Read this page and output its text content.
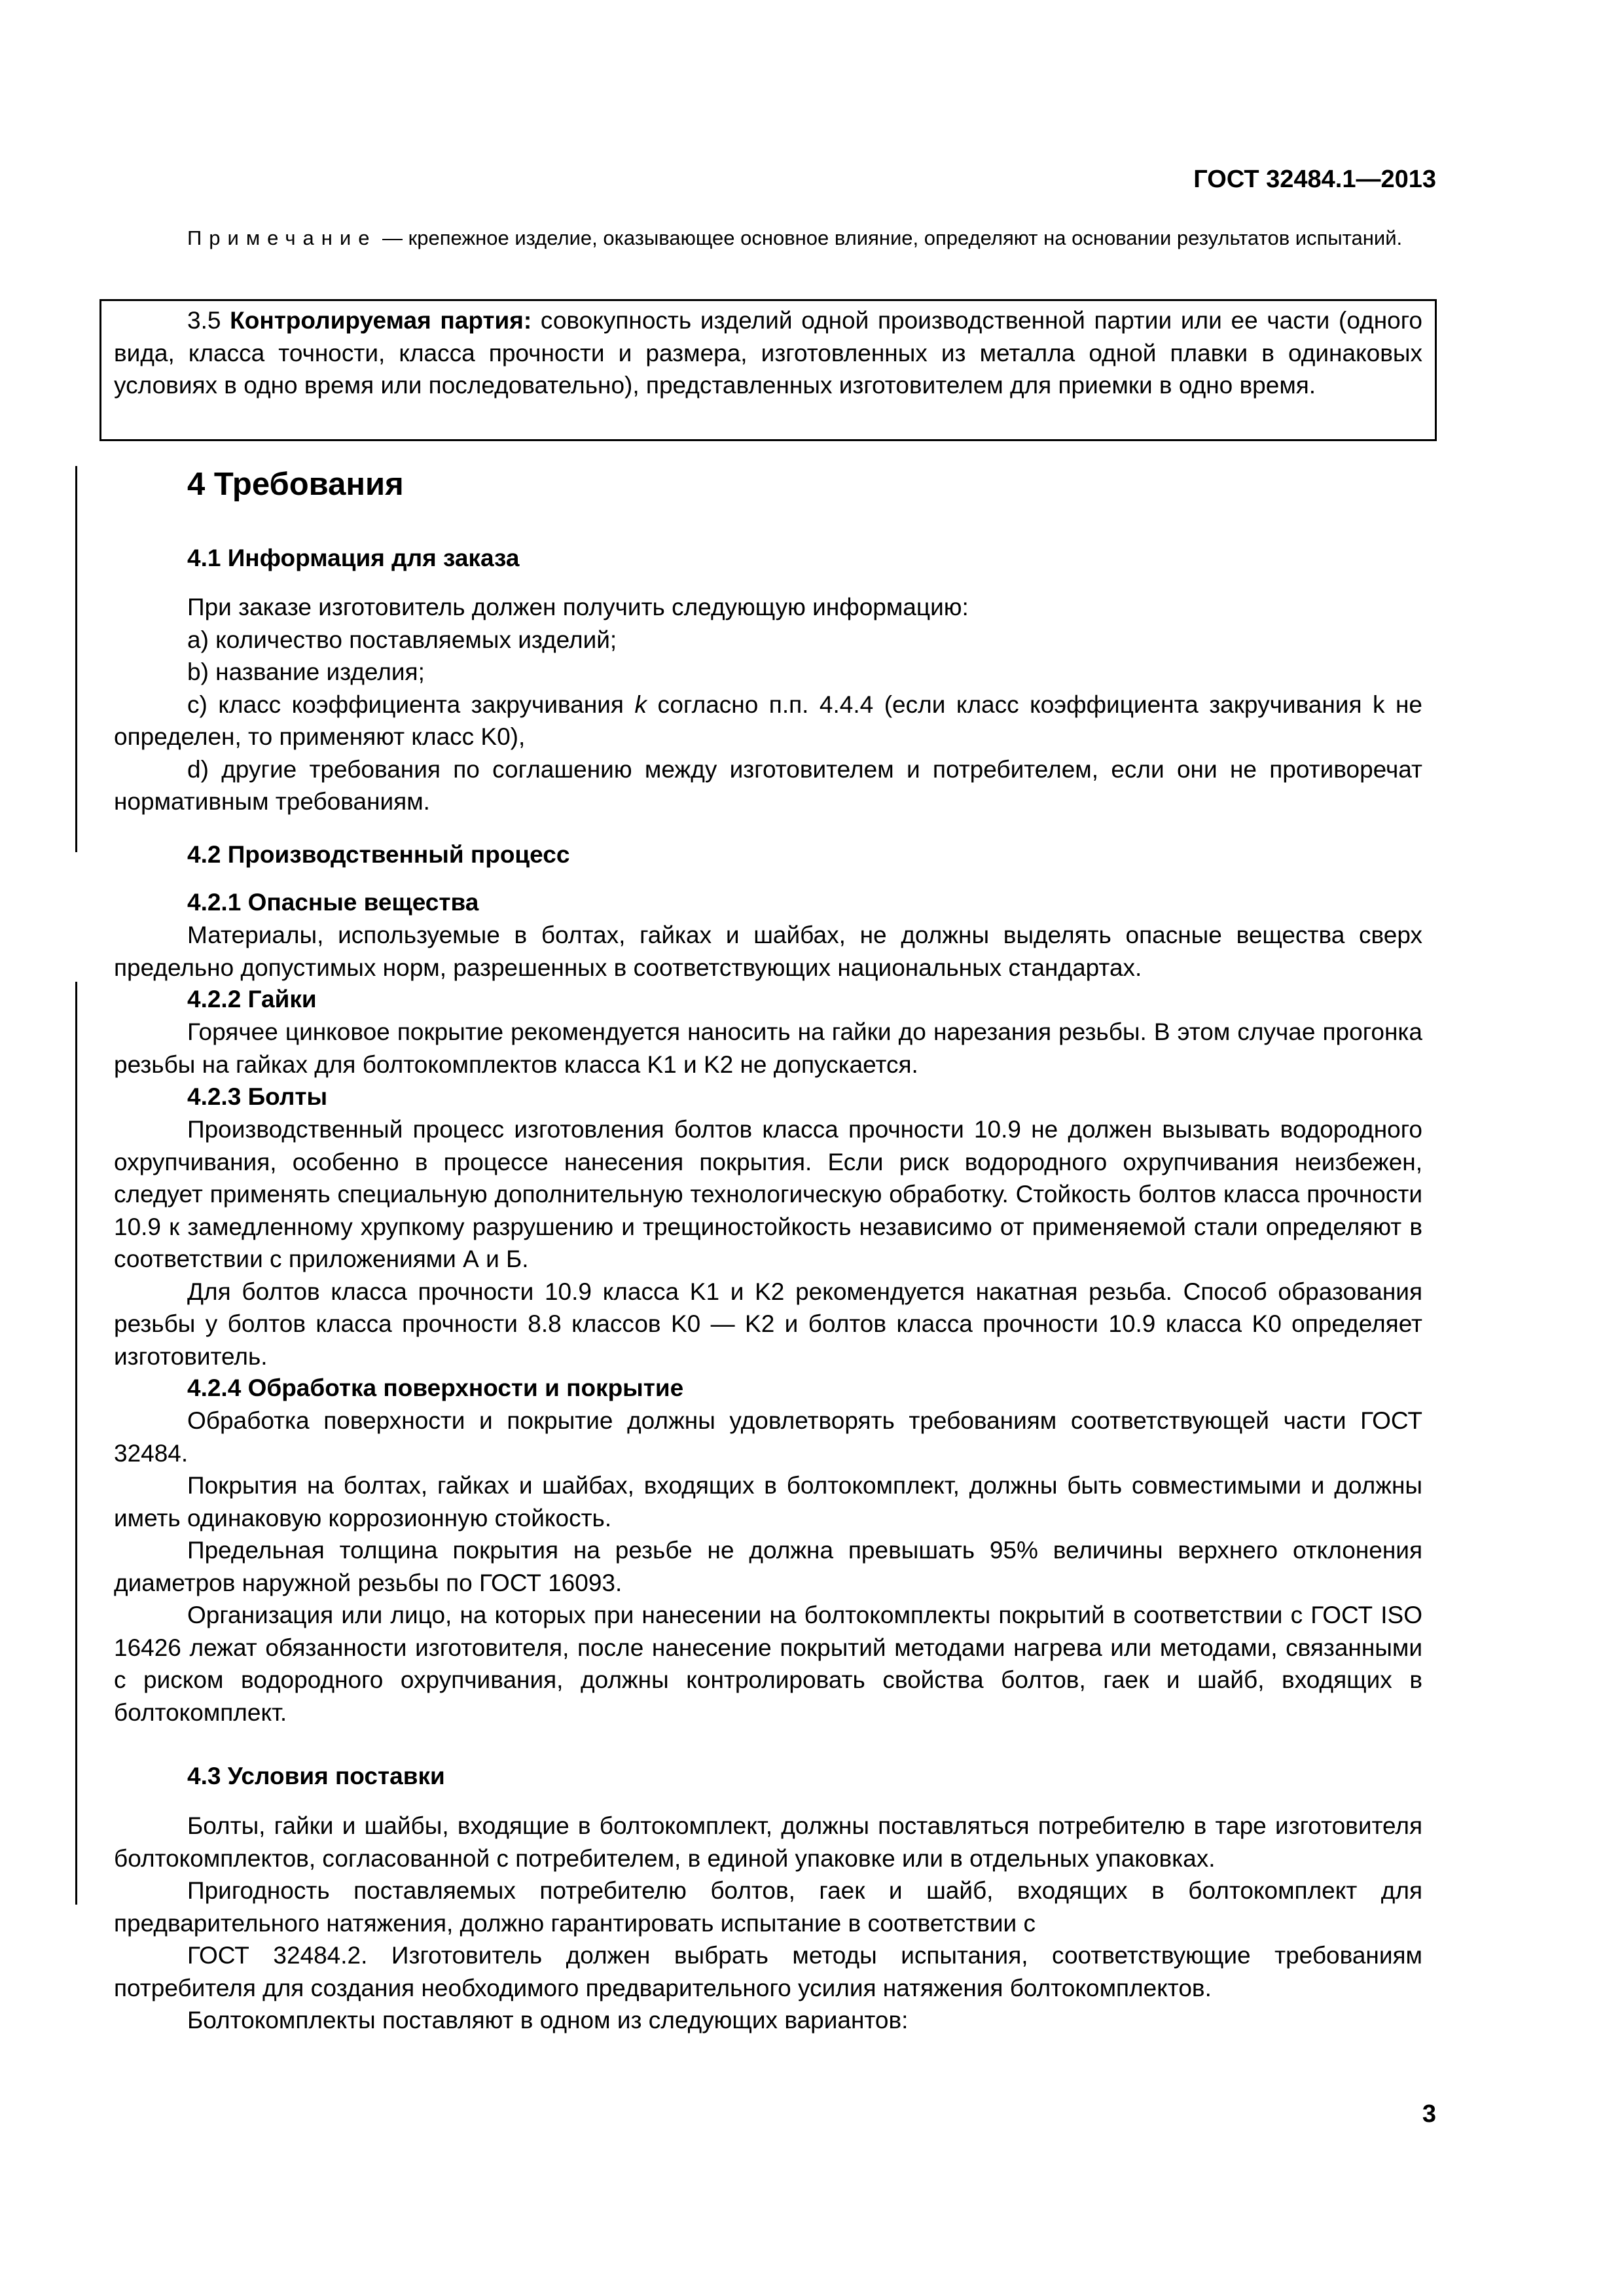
ГОСТ 32484.1—2013
Примечание — крепежное изделие, оказывающее основное влияние, определяют на основании результатов испытаний.

3.5 Контролируемая партия: совокупность изделий одной производственной партии или ее части (одного вида, класса точности, класса прочности и размера, изготовленных из металла одной плавки в одинаковых условиях в одно время или последовательно), представленных изготовителем для приемки в одно время.

4 Требования
4.1 Информация для заказа

При заказе изготовитель должен получить следующую информацию:

а) количество поставляемых изделий;

b) название изделия;

c) класс коэффициента закручивания k согласно п.п. 4.4.4 (если класс коэффициента закручивания k не определен, то применяют класс K0),

d) другие требования по соглашению между изготовителем и потребителем, если они не противоречат нормативным требованиям.

4.2 Производственный процесс
4.2.1 Опасные вещества

Материалы, используемые в болтах, гайках и шайбах, не должны выделять опасные вещества сверх предельно допустимых норм, разрешенных в соответствующих национальных стандартах.

4.2.2 Гайки

Горячее цинковое покрытие рекомендуется наносить на гайки до нарезания резьбы. В этом случае прогонка резьбы на гайках для болтокомплектов класса K1 и K2 не допускается.

4.2.3 Болты

Производственный процесс изготовления болтов класса прочности 10.9 не должен вызывать водородного охрупчивания, особенно в процессе нанесения покрытия. Если риск водородного охрупчивания неизбежен, следует применять специальную дополнительную технологическую обработку. Стойкость болтов класса прочности 10.9 к замедленному хрупкому разрушению и трещиностойкость независимо от применяемой стали определяют в соответствии с приложениями А и Б.

Для болтов класса прочности 10.9 класса K1 и K2 рекомендуется накатная резьба. Способ образования резьбы у болтов класса прочности 8.8 классов K0 — K2 и болтов класса прочности 10.9 класса K0 определяет изготовитель.

4.2.4 Обработка поверхности и покрытие

Обработка поверхности и покрытие должны удовлетворять требованиям соответствующей части ГОСТ 32484.

Покрытия на болтах, гайках и шайбах, входящих в болтокомплект, должны быть совместимыми и должны иметь одинаковую коррозионную стойкость.

Предельная толщина покрытия на резьбе не должна превышать 95% величины верхнего отклонения диаметров наружной резьбы по ГОСТ 16093.

Организация или лицо, на которых при нанесении на болтокомплекты покрытий в соответствии с ГОСТ ISO 16426 лежат обязанности изготовителя, после нанесение покрытий методами нагрева или методами, связанными с риском водородного охрупчивания, должны контролировать свойства болтов, гаек и шайб, входящих в болтокомплект.

4.3 Условия поставки

Болты, гайки и шайбы, входящие в болтокомплект, должны поставляться потребителю в таре изготовителя болтокомплектов, согласованной с потребителем, в единой упаковке или в отдельных упаковках.

Пригодность поставляемых потребителю болтов, гаек и шайб, входящих в болтокомплект для предварительного натяжения, должно гарантировать испытание в соответствии с

ГОСТ 32484.2. Изготовитель должен выбрать методы испытания, соответствующие требованиям потребителя для создания необходимого предварительного усилия натяжения болтокомплектов.

Болтокомплекты поставляют в одном из следующих вариантов:

3
